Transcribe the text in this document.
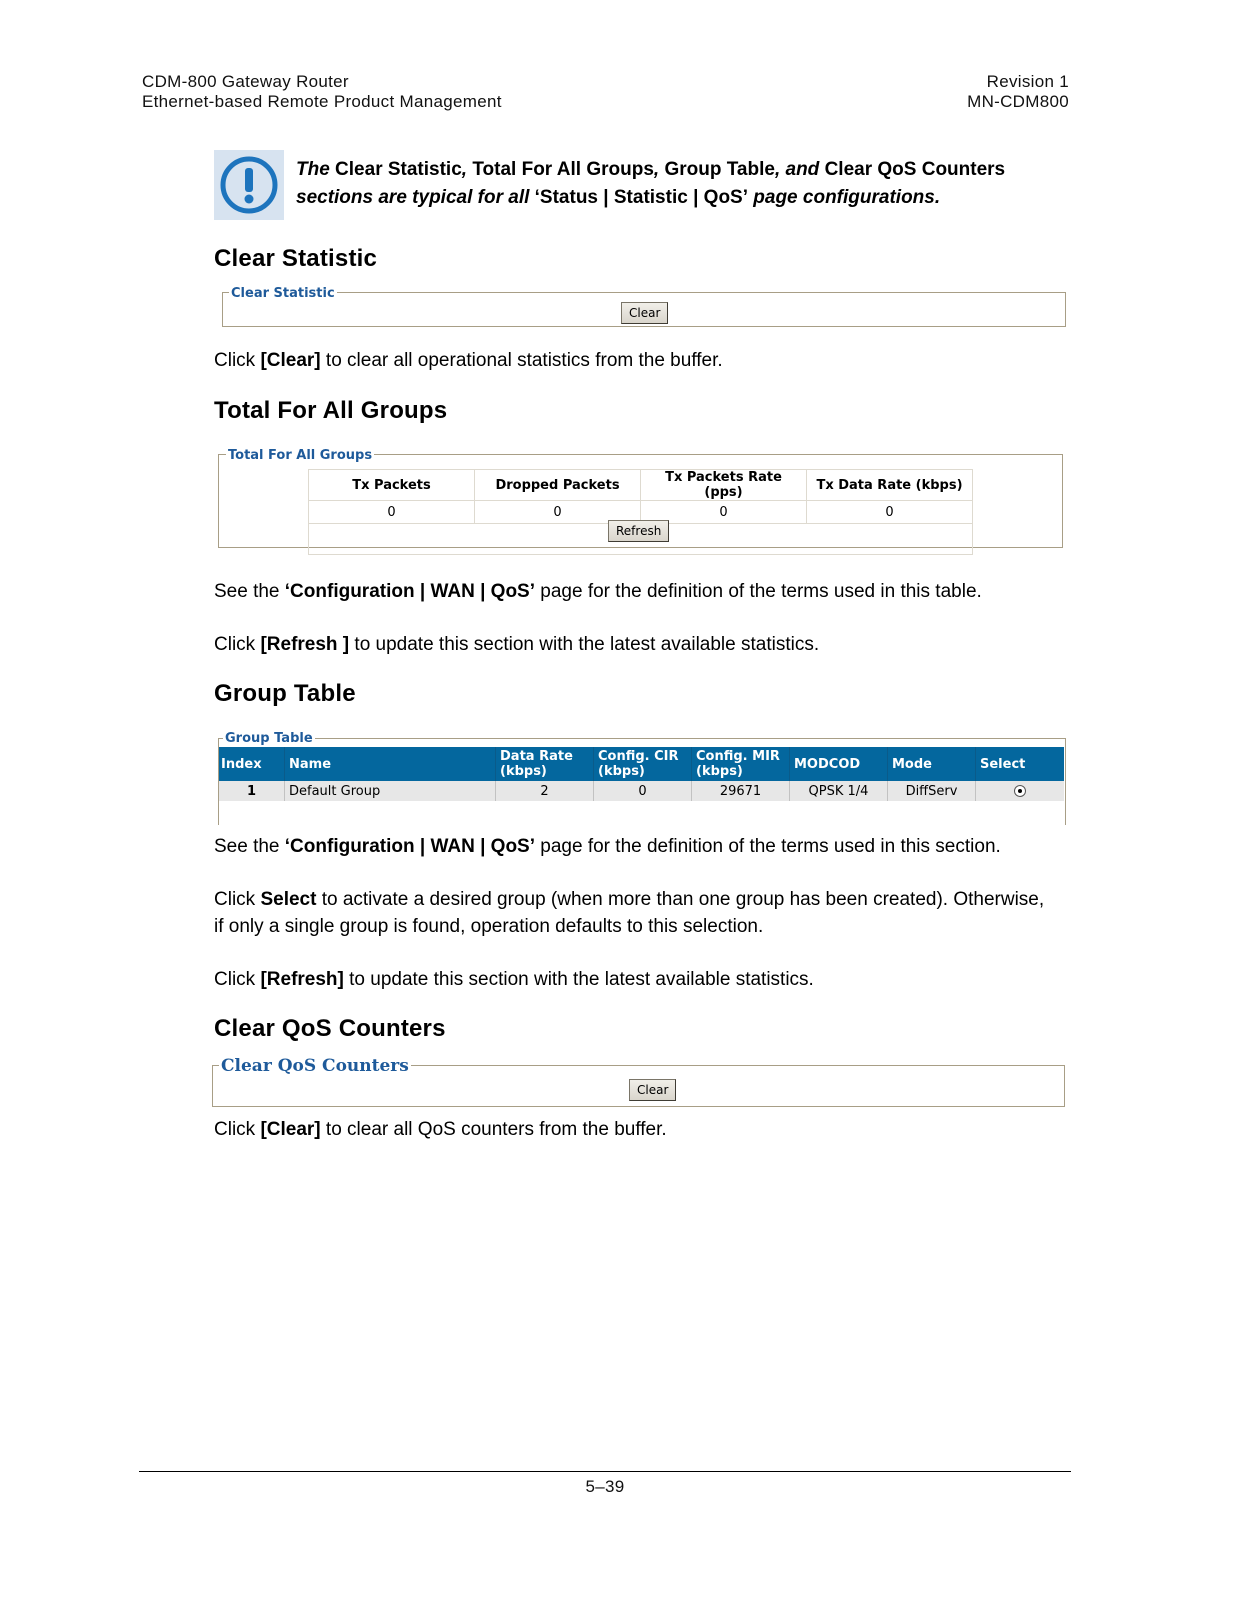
CDM-800 Gateway Router
Ethernet-based Remote Product Management
Revision 1
MN-CDM800
The Clear Statistic, Total For All Groups, Group Table, and Clear QoS Counters
sections are typical for all ‘Status | Statistic | QoS’ page configurations.
Clear Statistic
Clear Statistic
Clear
Click [Clear] to clear all operational statistics from the buffer.
Total For All Groups
Total For All Groups
Tx Packets	Dropped Packets	Tx Packets Rate (pps)	Tx Data Rate (kbps)
0	0	0	0

Refresh
See the ‘Configuration | WAN | QoS’ page for the definition of the terms used in this table.
Click [Refresh ] to update this section with the latest available statistics.
Group Table
Group Table
Index	Name	Data Rate (kbps)	Config. CIR (kbps)	Config. MIR (kbps)	MODCOD	Mode	Select
1	Default Group	2	0	29671	QPSK 1/4	DiffServ	
See the ‘Configuration | WAN | QoS’ page for the definition of the terms used in this section.
Click Select to activate a desired group (when more than one group has been created). Otherwise,
if only a single group is found, operation defaults to this selection.
Click [Refresh] to update this section with the latest available statistics.
Clear QoS Counters
Clear QoS Counters
Clear
Click [Clear] to clear all QoS counters from the buffer.
5–39
